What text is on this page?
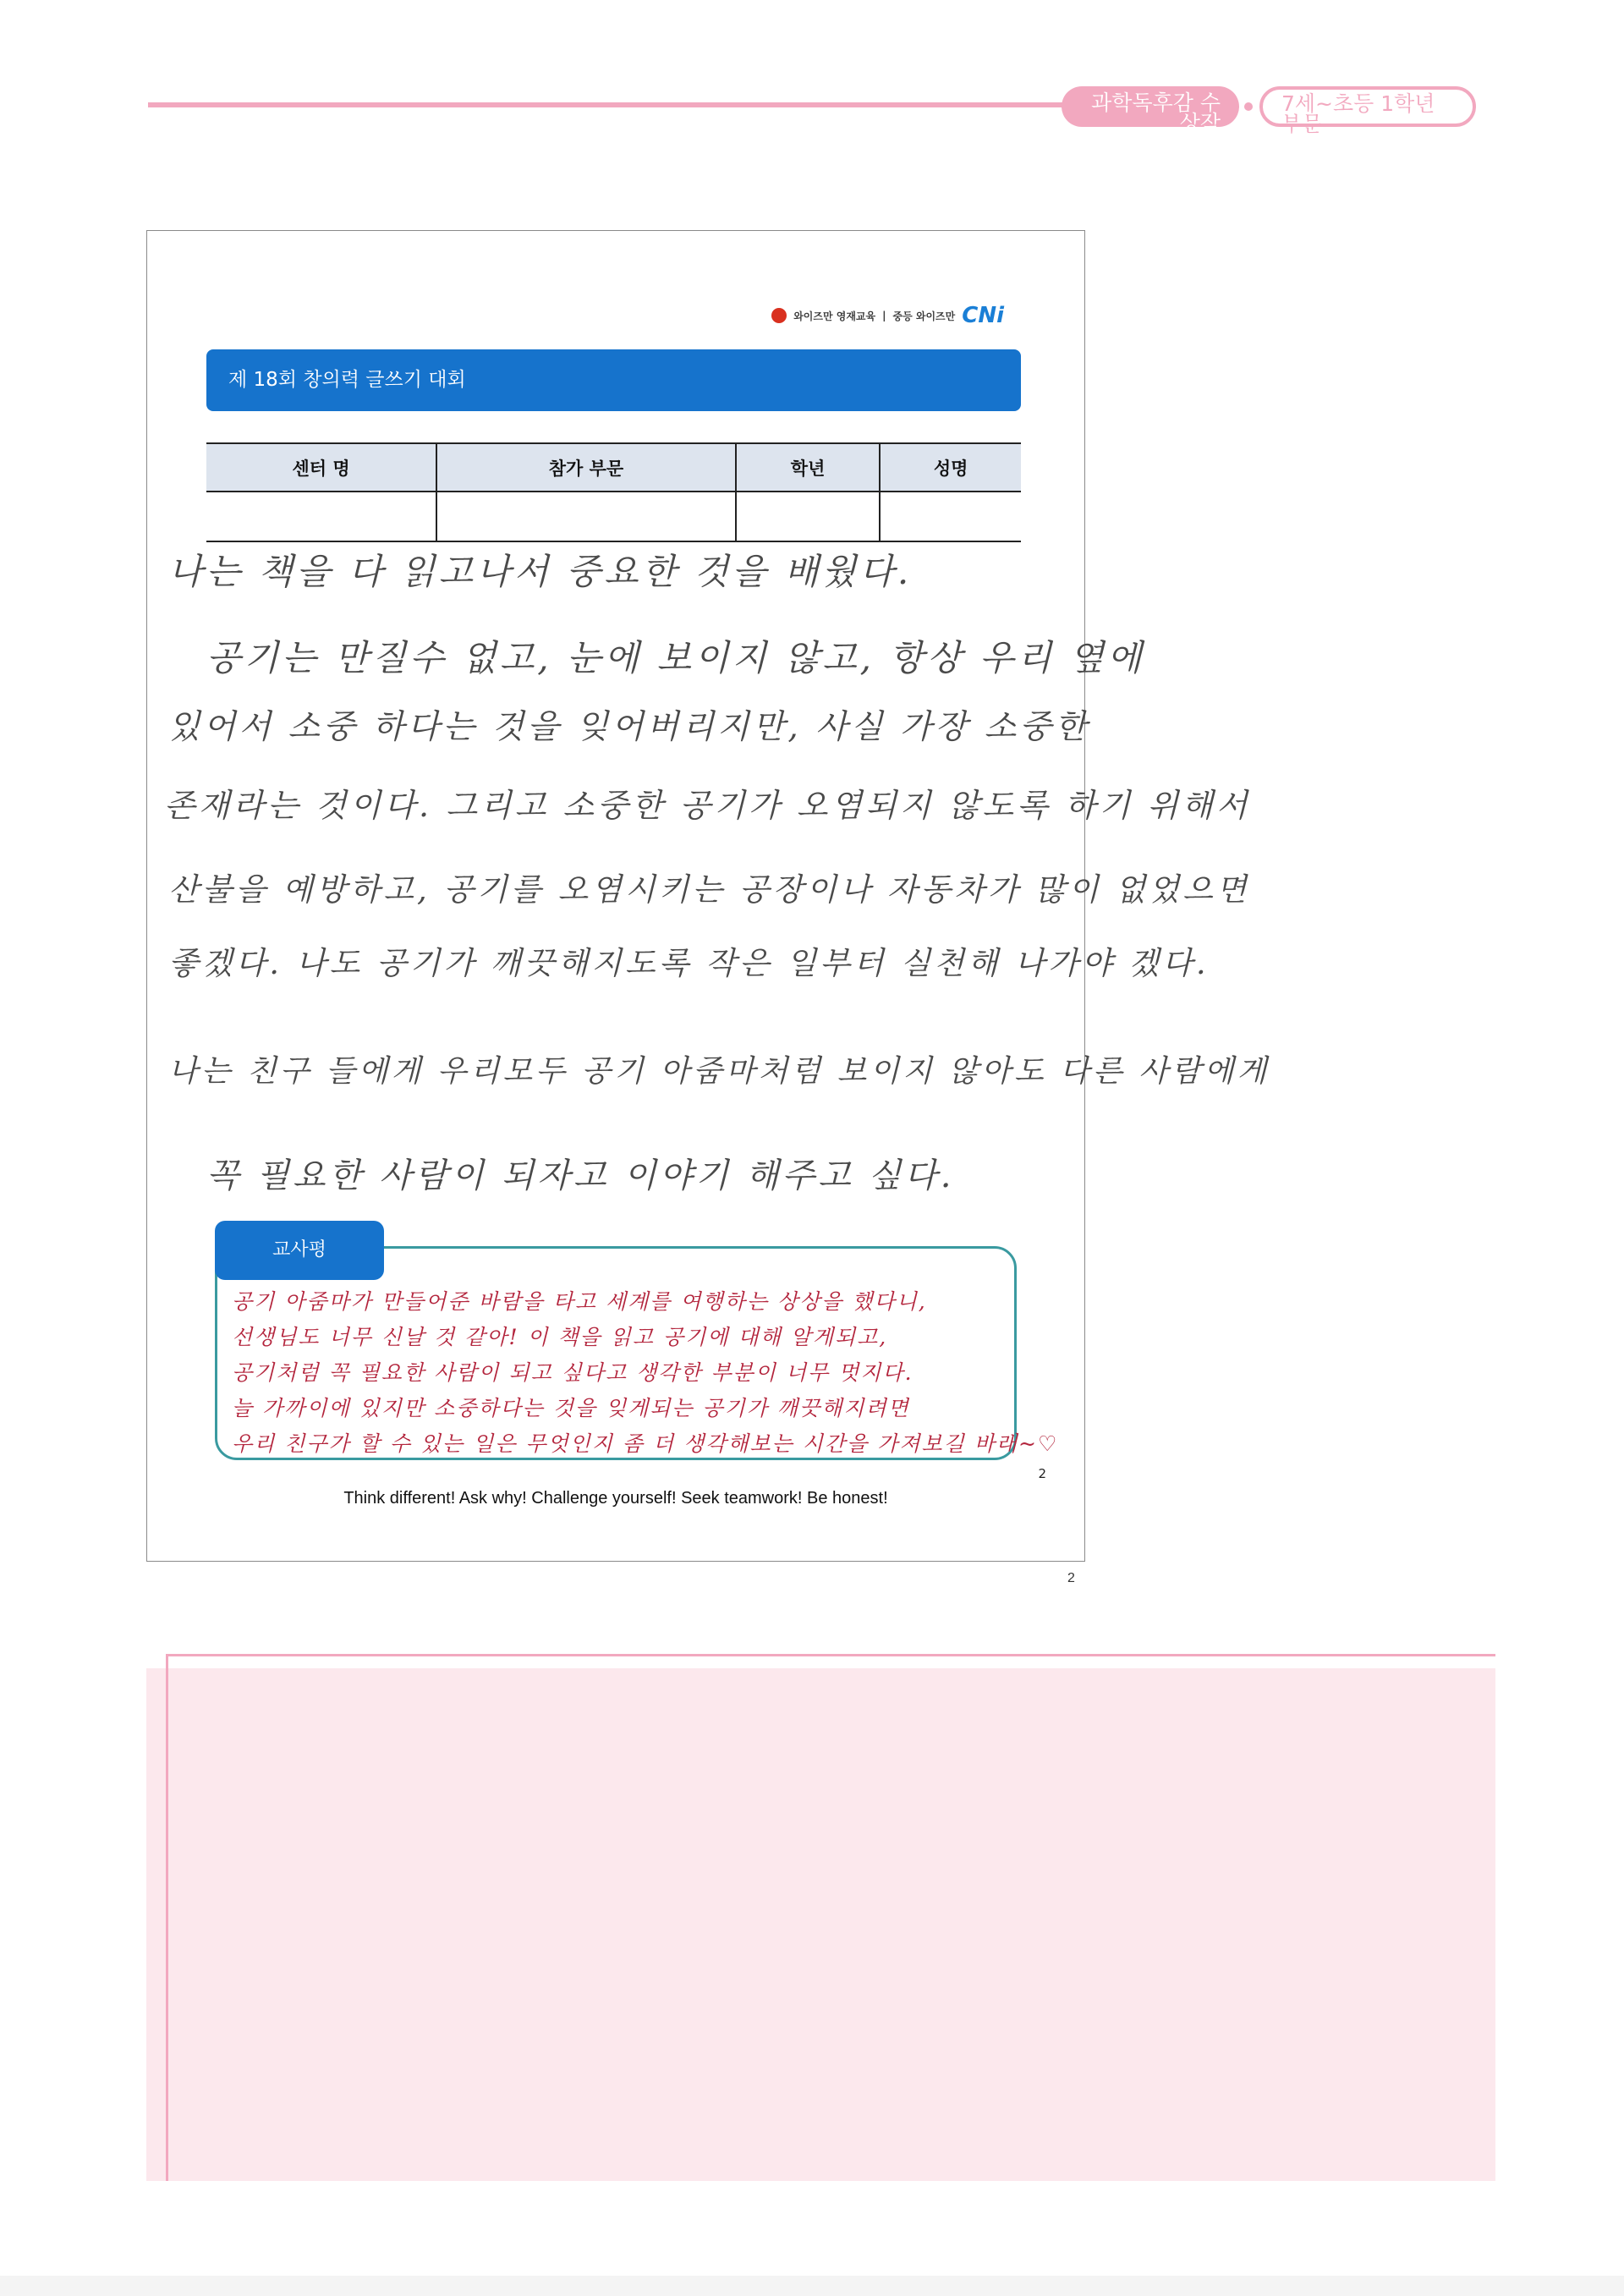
과학독후감 수상작
7세~초등 1학년 부문
와이즈만 영재교육 | 중등 와이즈만 CNi
제 18회 창의력 글쓰기 대회
센터 명	참가 부문	학년	성명

나는 책을 다 읽고나서 중요한 것을 배웠다.
공기는 만질수 없고, 눈에 보이지 않고, 항상 우리 옆에
있어서 소중 하다는 것을 잊어버리지만, 사실 가장 소중한
존재라는 것이다. 그리고 소중한 공기가 오염되지 않도록 하기 위해서
산불을 예방하고, 공기를 오염시키는 공장이나 자동차가 많이 없었으면
좋겠다. 나도 공기가 깨끗해지도록 작은 일부터 실천해 나가야 겠다.
나는 친구 들에게 우리모두 공기 아줌마처럼 보이지 않아도 다른 사람에게
꼭 필요한 사람이 되자고 이야기 해주고 싶다.
교사평
공기 아줌마가 만들어준 바람을 타고 세계를 여행하는 상상을 했다니,
선생님도 너무 신날 것 같아! 이 책을 읽고 공기에 대해 알게되고,
공기처럼 꼭 필요한 사람이 되고 싶다고 생각한 부분이 너무 멋지다.
늘 가까이에 있지만 소중하다는 것을 잊게되는 공기가 깨끗해지려면
우리 친구가 할 수 있는 일은 무엇인지 좀 더 생각해보는 시간을 가져보길 바래~♡
2
Think different! Ask why! Challenge yourself! Seek teamwork! Be honest!
2
